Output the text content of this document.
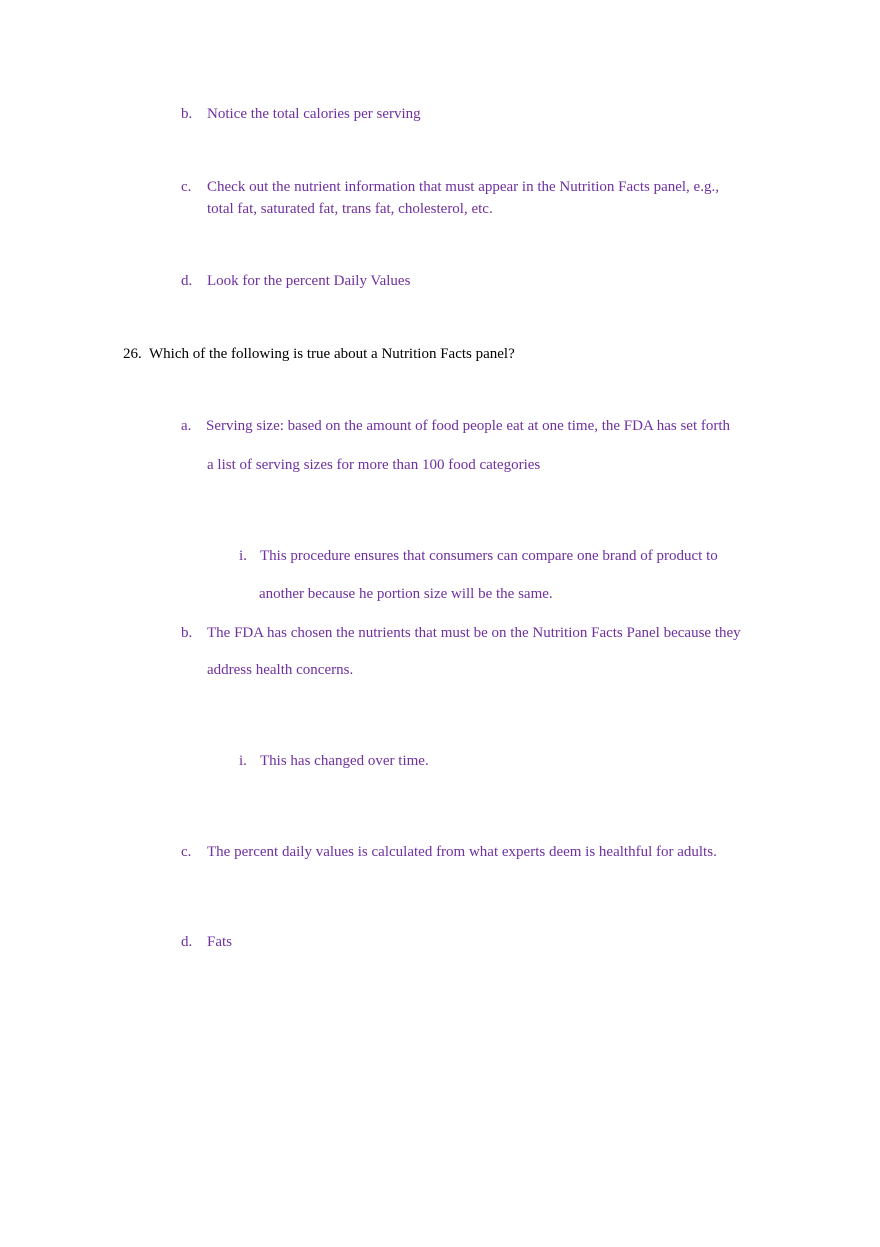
b. Notice the total calories per serving
c. Check out the nutrient information that must appear in the Nutrition Facts panel, e.g.,
total fat, saturated fat, trans fat, cholesterol, etc.
d. Look for the percent Daily Values
26. Which of the following is true about a Nutrition Facts panel?
a. Serving size: based on the amount of food people eat at one time, the FDA has set forth
a list of serving sizes for more than 100 food categories
i. This procedure ensures that consumers can compare one brand of product to
another because he portion size will be the same.
b. The FDA has chosen the nutrients that must be on the Nutrition Facts Panel because they
address health concerns.
i. This has changed over time.
c. The percent daily values is calculated from what experts deem is healthful for adults.
d. Fats
